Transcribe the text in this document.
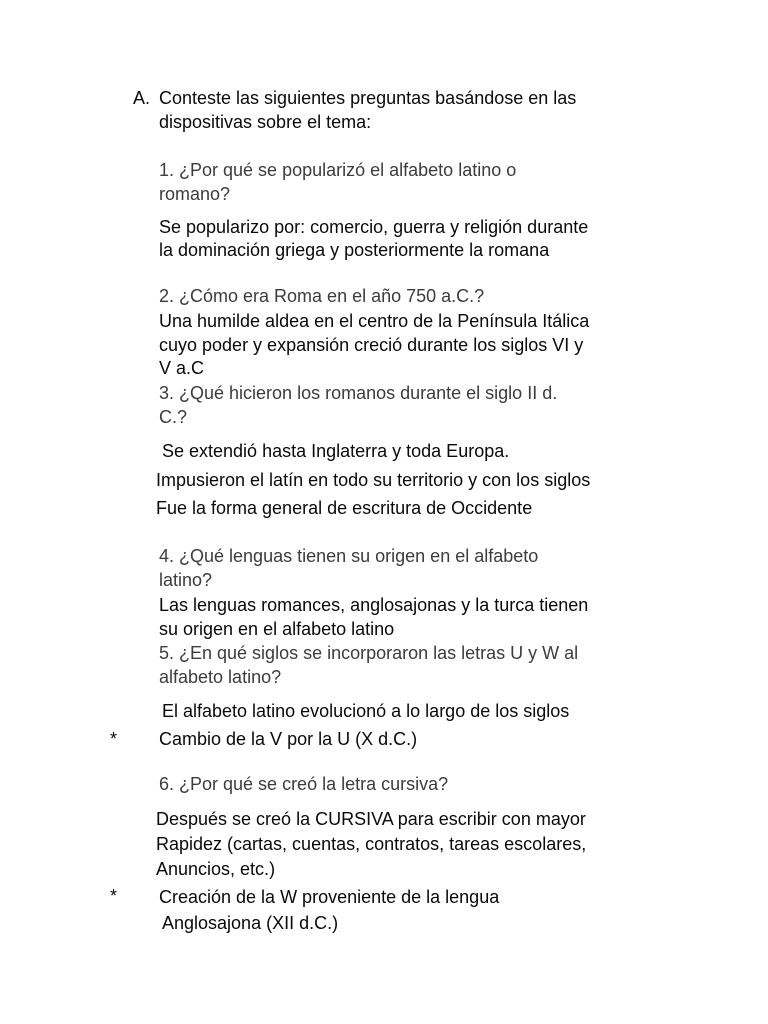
A. Conteste las siguientes preguntas basándose en las
dispositivas sobre el tema:
1. ¿Por qué se popularizó el alfabeto latino o
romano?
Se popularizo por: comercio, guerra y religión durante
la dominación griega y posteriormente la romana
2. ¿Cómo era Roma en el año 750 a.C.?
Una humilde aldea en el centro de la Península Itálica
cuyo poder y expansión creció durante los siglos VI y
V a.C
3. ¿Qué hicieron los romanos durante el siglo II d.
C.?
Se extendió hasta Inglaterra y toda Europa.
Impusieron el latín en todo su territorio y con los siglos
Fue la forma general de escritura de Occidente
4. ¿Qué lenguas tienen su origen en el alfabeto
latino?
Las lenguas romances, anglosajonas y la turca tienen
su origen en el alfabeto latino
5. ¿En qué siglos se incorporaron las letras U y W al
alfabeto latino?
El alfabeto latino evolucionó a lo largo de los siglos
* Cambio de la V por la U (X d.C.)
6. ¿Por qué se creó la letra cursiva?
Después se creó la CURSIVA para escribir con mayor
Rapidez (cartas, cuentas, contratos, tareas escolares,
Anuncios, etc.)
* Creación de la W proveniente de la lengua
Anglosajona (XII d.C.)
